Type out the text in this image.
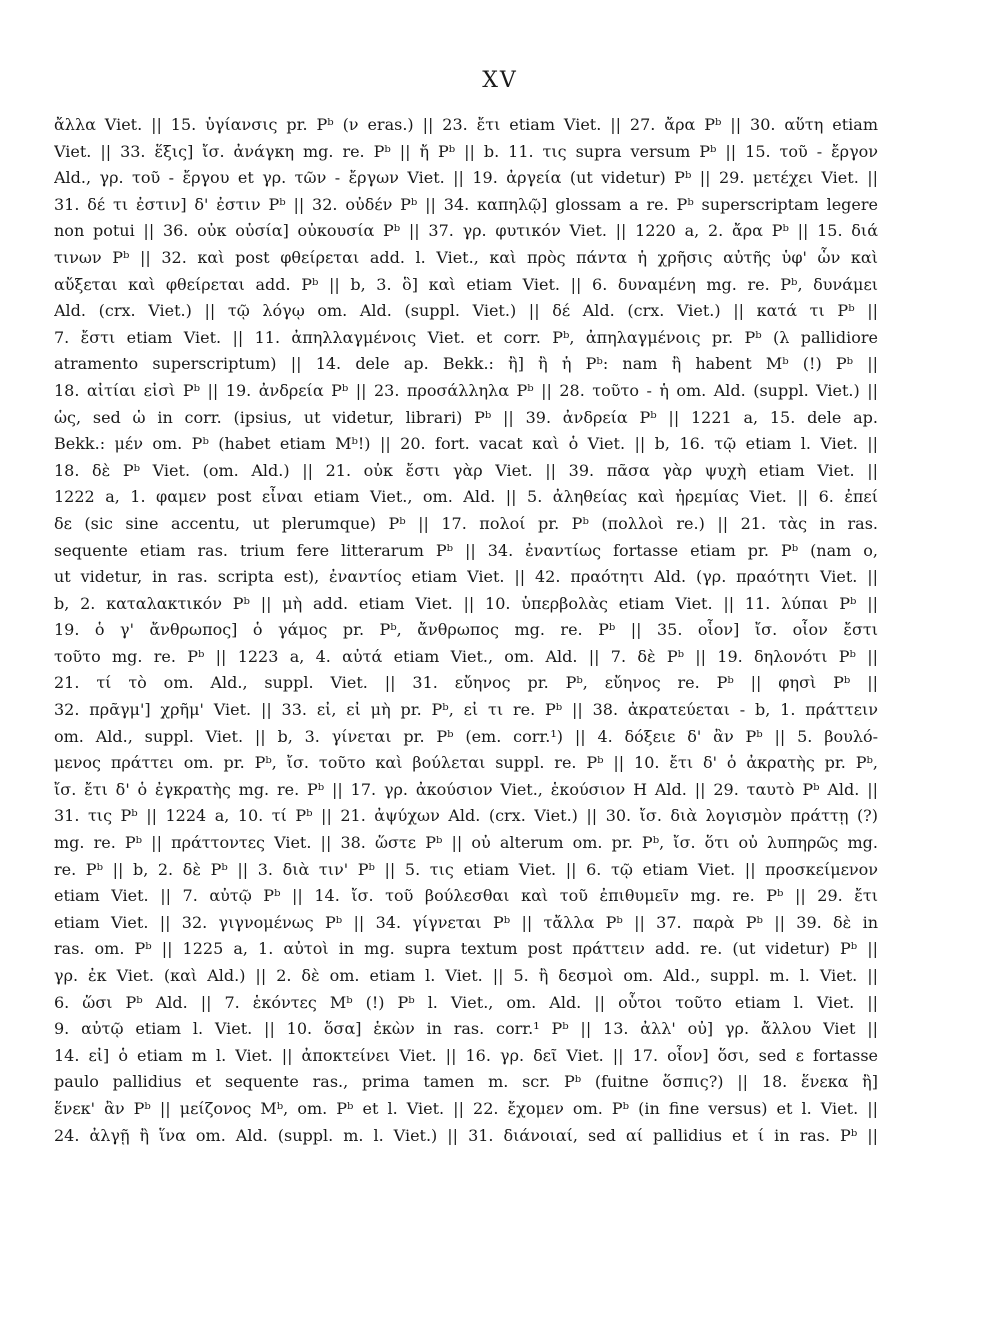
XV
ἄλλα Viet. || 15. ὑγίανσις pr. Pᵇ (ν eras.) || 23. ἔτι etiam Viet. || 27. ἄρα Pᵇ || 30. αὕτη etiam
Viet. || 33. ἕξις] ἴσ. ἀνάγκη mg. re. Pᵇ || ἤ Pᵇ || b. 11. τις supra versum Pᵇ || 15. τοῦ - ἔργον
Ald., γρ. τοῦ - ἔργου et γρ. τῶν - ἔργων Viet. || 19. ἀργεία (ut videtur) Pᵇ || 29. μετέχει Viet. ||
31. δέ τι ἐστιν] δ' ἐστιν Pᵇ || 32. οὐδέν Pᵇ || 34. καπηλῷ] glossam a re. Pᵇ superscriptam legere
non potui || 36. οὐκ οὐσία] οὐκουσία Pᵇ || 37. γρ. φυτικόν Viet. || 1220 a, 2. ἄρα Pᵇ || 15. διά
τινων Pᵇ || 32. καὶ post φθείρεται add. l. Viet., καὶ πρὸς πάντα ἡ χρῆσις αὐτῆς ὑφ' ὧν καὶ
αὔξεται καὶ φθείρεται add. Pᵇ || b, 3. ὃ] καὶ etiam Viet. || 6. δυναμένη mg. re. Pᵇ, δυνάμει
Ald. (crx. Viet.) || τῷ λόγῳ om. Ald. (suppl. Viet.) || δέ Ald. (crx. Viet.) || κατά τι Pᵇ ||
7. ἔστι etiam Viet. || 11. ἀπηλλαγμένοις Viet. et corr. Pᵇ, ἀπηλαγμένοις pr. Pᵇ (λ pallidiore
atramento superscriptum) || 14. dele ap. Bekk.: ἢ] ἢ ἡ Pᵇ: nam ἢ habent Mᵇ (!) Pᵇ ||
18. αἰτίαι εἰσὶ Pᵇ || 19. ἀνδρεία Pᵇ || 23. προσάλληλα Pᵇ || 28. τοῦτο - ἡ om. Ald. (suppl. Viet.) ||
ὡς, sed ὡ in corr. (ipsius, ut videtur, librari) Pᵇ || 39. ἀνδρεία Pᵇ || 1221 a, 15. dele ap.
Bekk.: μέν om. Pᵇ (habet etiam Mᵇ!) || 20. fort. vacat καὶ ὁ Viet. || b, 16. τῷ etiam l. Viet. ||
18. δὲ Pᵇ Viet. (om. Ald.) || 21. οὐκ ἔστι γὰρ Viet. || 39. πᾶσα γὰρ ψυχὴ etiam Viet. ||
1222 a, 1. φαμεν post εἶναι etiam Viet., om. Ald. || 5. ἀληθείας καὶ ἠρεμίας Viet. || 6. ἐπεί
δε (sic sine accentu, ut plerumque) Pᵇ || 17. πολοί pr. Pᵇ (πολλοὶ re.) || 21. τὰς in ras.
sequente etiam ras. trium fere litterarum Pᵇ || 34. ἐναντίως fortasse etiam pr. Pᵇ (nam ο,
ut videtur, in ras. scripta est), ἐναντίος etiam Viet. || 42. πραότητι Ald. (γρ. πραότητι Viet. ||
b, 2. καταλακτικόν Pᵇ || μὴ add. etiam Viet. || 10. ὑπερβολὰς etiam Viet. || 11. λύπαι Pᵇ ||
19. ὁ γ' ἄνθρωπος] ὁ γάμος pr. Pᵇ, ἄνθρωπος mg. re. Pᵇ || 35. οἷον] ἴσ. οἷον ἔστι
τοῦτο mg. re. Pᵇ || 1223 a, 4. αὐτά etiam Viet., om. Ald. || 7. δὲ Pᵇ || 19. δηλονότι Pᵇ ||
21. τί τὸ om. Ald., suppl. Viet. || 31. εὔηνος pr. Pᵇ, εὔηνος re. Pᵇ || φησὶ Pᵇ ||
32. πρᾶγμ'] χρῆμ' Viet. || 33. εἰ, εἰ μὴ pr. Pᵇ, εἰ τι re. Pᵇ || 38. ἀκρατεύεται - b, 1. πράττειν
om. Ald., suppl. Viet. || b, 3. γίνεται pr. Pᵇ (em. corr.¹) || 4. δόξειε δ' ἂν Pᵇ || 5. βουλό-
μενος πράττει om. pr. Pᵇ, ἴσ. τοῦτο καὶ βούλεται suppl. re. Pᵇ || 10. ἔτι δ' ὁ ἀκρατὴς pr. Pᵇ,
ἴσ. ἔτι δ' ὁ ἐγκρατὴς mg. re. Pᵇ || 17. γρ. ἀκούσιον Viet., ἑκούσιον H Ald. || 29. ταυτὸ Pᵇ Ald. ||
31. τις Pᵇ || 1224 a, 10. τί Pᵇ || 21. ἀψύχων Ald. (crx. Viet.) || 30. ἴσ. διὰ λογισμὸν πράττῃ (?)
mg. re. Pᵇ || πράττοντες Viet. || 38. ὥστε Pᵇ || οὐ alterum om. pr. Pᵇ, ἴσ. ὅτι οὐ λυπηρῶς mg.
re. Pᵇ || b, 2. δὲ Pᵇ || 3. διὰ τιν' Pᵇ || 5. τις etiam Viet. || 6. τῷ etiam Viet. || προσκείμενον
etiam Viet. || 7. αὐτῷ Pᵇ || 14. ἴσ. τοῦ βούλεσθαι καὶ τοῦ ἐπιθυμεῖν mg. re. Pᵇ || 29. ἔτι
etiam Viet. || 32. γιγνομένως Pᵇ || 34. γίγνεται Pᵇ || τἄλλα Pᵇ || 37. παρὰ Pᵇ || 39. δὲ in
ras. om. Pᵇ || 1225 a, 1. αὐτοὶ in mg. supra textum post πράττειν add. re. (ut videtur) Pᵇ ||
γρ. ἐκ Viet. (καὶ Ald.) || 2. δὲ om. etiam l. Viet. || 5. ἢ δεσμοὶ om. Ald., suppl. m. l. Viet. ||
6. ὥσι Pᵇ Ald. || 7. ἑκόντες Mᵇ (!) Pᵇ l. Viet., om. Ald. || οὗτοι τοῦτο etiam l. Viet. ||
9. αὐτῷ etiam l. Viet. || 10. ὅσα] ἑκὼν in ras. corr.¹ Pᵇ || 13. ἀλλ' οὐ] γρ. ἄλλου Viet ||
14. εἰ] ὁ etiam m l. Viet. || ἀποκτείνει Viet. || 16. γρ. δεῖ Viet. || 17. οἷον] ὅσι, sed ε fortasse
paulo pallidius et sequente ras., prima tamen m. scr. Pᵇ (fuitne ὅσπις?) || 18. ἕνεκα ἢ]
ἕνεκ' ἂν Pᵇ || μείζονος Mᵇ, om. Pᵇ et l. Viet. || 22. ἔχομεν om. Pᵇ (in fine versus) et l. Viet. ||
24. ἀλγῇ ἢ ἵνα om. Ald. (suppl. m. l. Viet.) || 31. διάνοιαί, sed αί pallidius et ί in ras. Pᵇ ||
